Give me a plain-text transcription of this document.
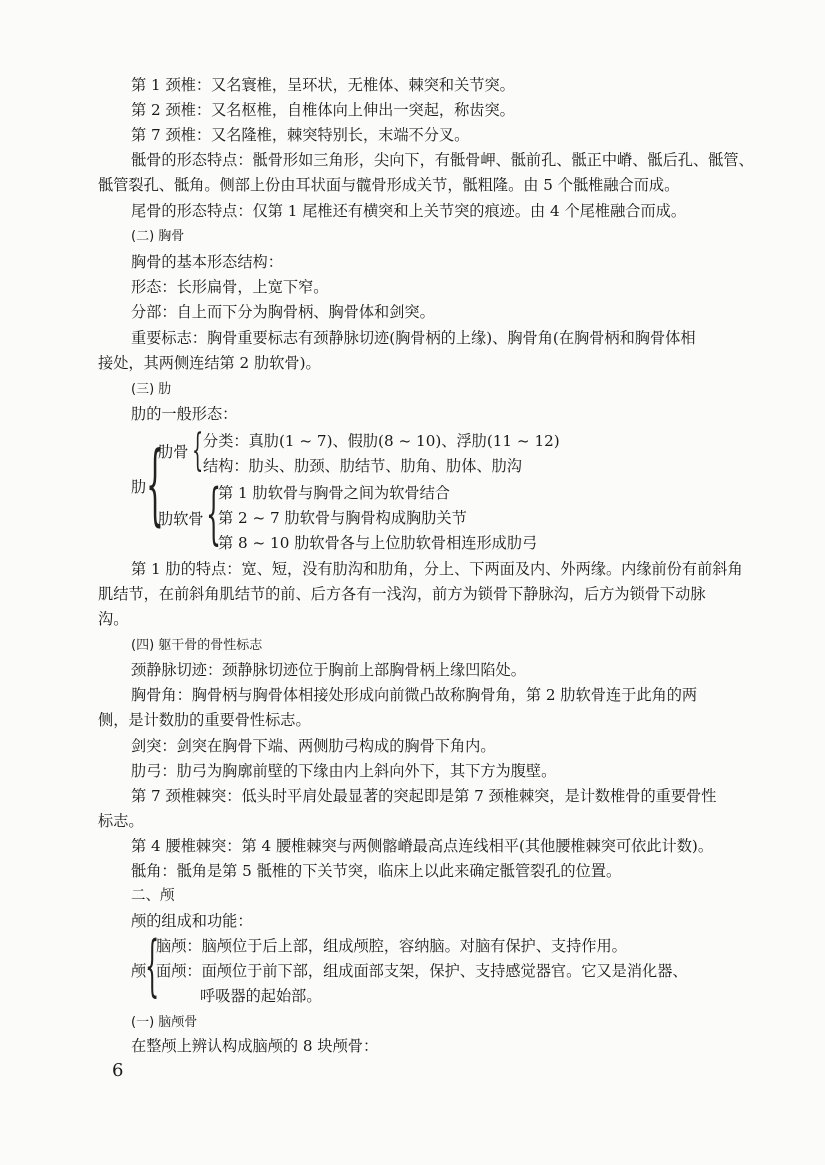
第 1 颈椎：又名寰椎，呈环状，无椎体、棘突和关节突。
第 2 颈椎：又名枢椎，自椎体向上伸出一突起，称齿突。
第 7 颈椎：又名隆椎，棘突特别长，末端不分叉。
骶骨的形态特点：骶骨形如三角形，尖向下，有骶骨岬、骶前孔、骶正中嵴、骶后孔、骶管、
骶管裂孔、骶角。侧部上份由耳状面与髋骨形成关节，骶粗隆。由 5 个骶椎融合而成。
尾骨的形态特点：仅第 1 尾椎还有横突和上关节突的痕迹。由 4 个尾椎融合而成。
(二) 胸骨
胸骨的基本形态结构：
形态：长形扁骨，上宽下窄。
分部：自上而下分为胸骨柄、胸骨体和剑突。
重要标志：胸骨重要标志有颈静脉切迹(胸骨柄的上缘)、胸骨角(在胸骨柄和胸骨体相
接处，其两侧连结第 2 肋软骨)。
(三) 肋
肋的一般形态：
肋 {
肋骨 { 分类：真肋(1 ~ 7)、假肋(8 ~ 10)、浮肋(11 ~ 12)
结构：肋头、肋颈、肋结节、肋角、肋体、肋沟
肋软骨 {
第 1 肋软骨与胸骨之间为软骨结合
第 2 ~ 7 肋软骨与胸骨构成胸肋关节
第 8 ~ 10 肋软骨各与上位肋软骨相连形成肋弓
第 1 肋的特点：宽、短，没有肋沟和肋角，分上、下两面及内、外两缘。内缘前份有前斜角
肌结节，在前斜角肌结节的前、后方各有一浅沟，前方为锁骨下静脉沟，后方为锁骨下动脉
沟。
(四) 躯干骨的骨性标志
颈静脉切迹：颈静脉切迹位于胸前上部胸骨柄上缘凹陷处。
胸骨角：胸骨柄与胸骨体相接处形成向前微凸故称胸骨角，第 2 肋软骨连于此角的两
侧，是计数肋的重要骨性标志。
剑突：剑突在胸骨下端、两侧肋弓构成的胸骨下角内。
肋弓：肋弓为胸廓前壁的下缘由内上斜向外下，其下方为腹壁。
第 7 颈椎棘突：低头时平肩处最显著的突起即是第 7 颈椎棘突，是计数椎骨的重要骨性
标志。
第 4 腰椎棘突：第 4 腰椎棘突与两侧髂嵴最高点连线相平(其他腰椎棘突可依此计数)。
骶角：骶角是第 5 骶椎的下关节突，临床上以此来确定骶管裂孔的位置。
二、颅
颅的组成和功能：
颅
{
脑颅：脑颅位于后上部，组成颅腔，容纳脑。对脑有保护、支持作用。
面颅：面颅位于前下部，组成面部支架，保护、支持感觉器官。它又是消化器、
呼吸器的起始部。
(一) 脑颅骨
在整颅上辨认构成脑颅的 8 块颅骨：
6
